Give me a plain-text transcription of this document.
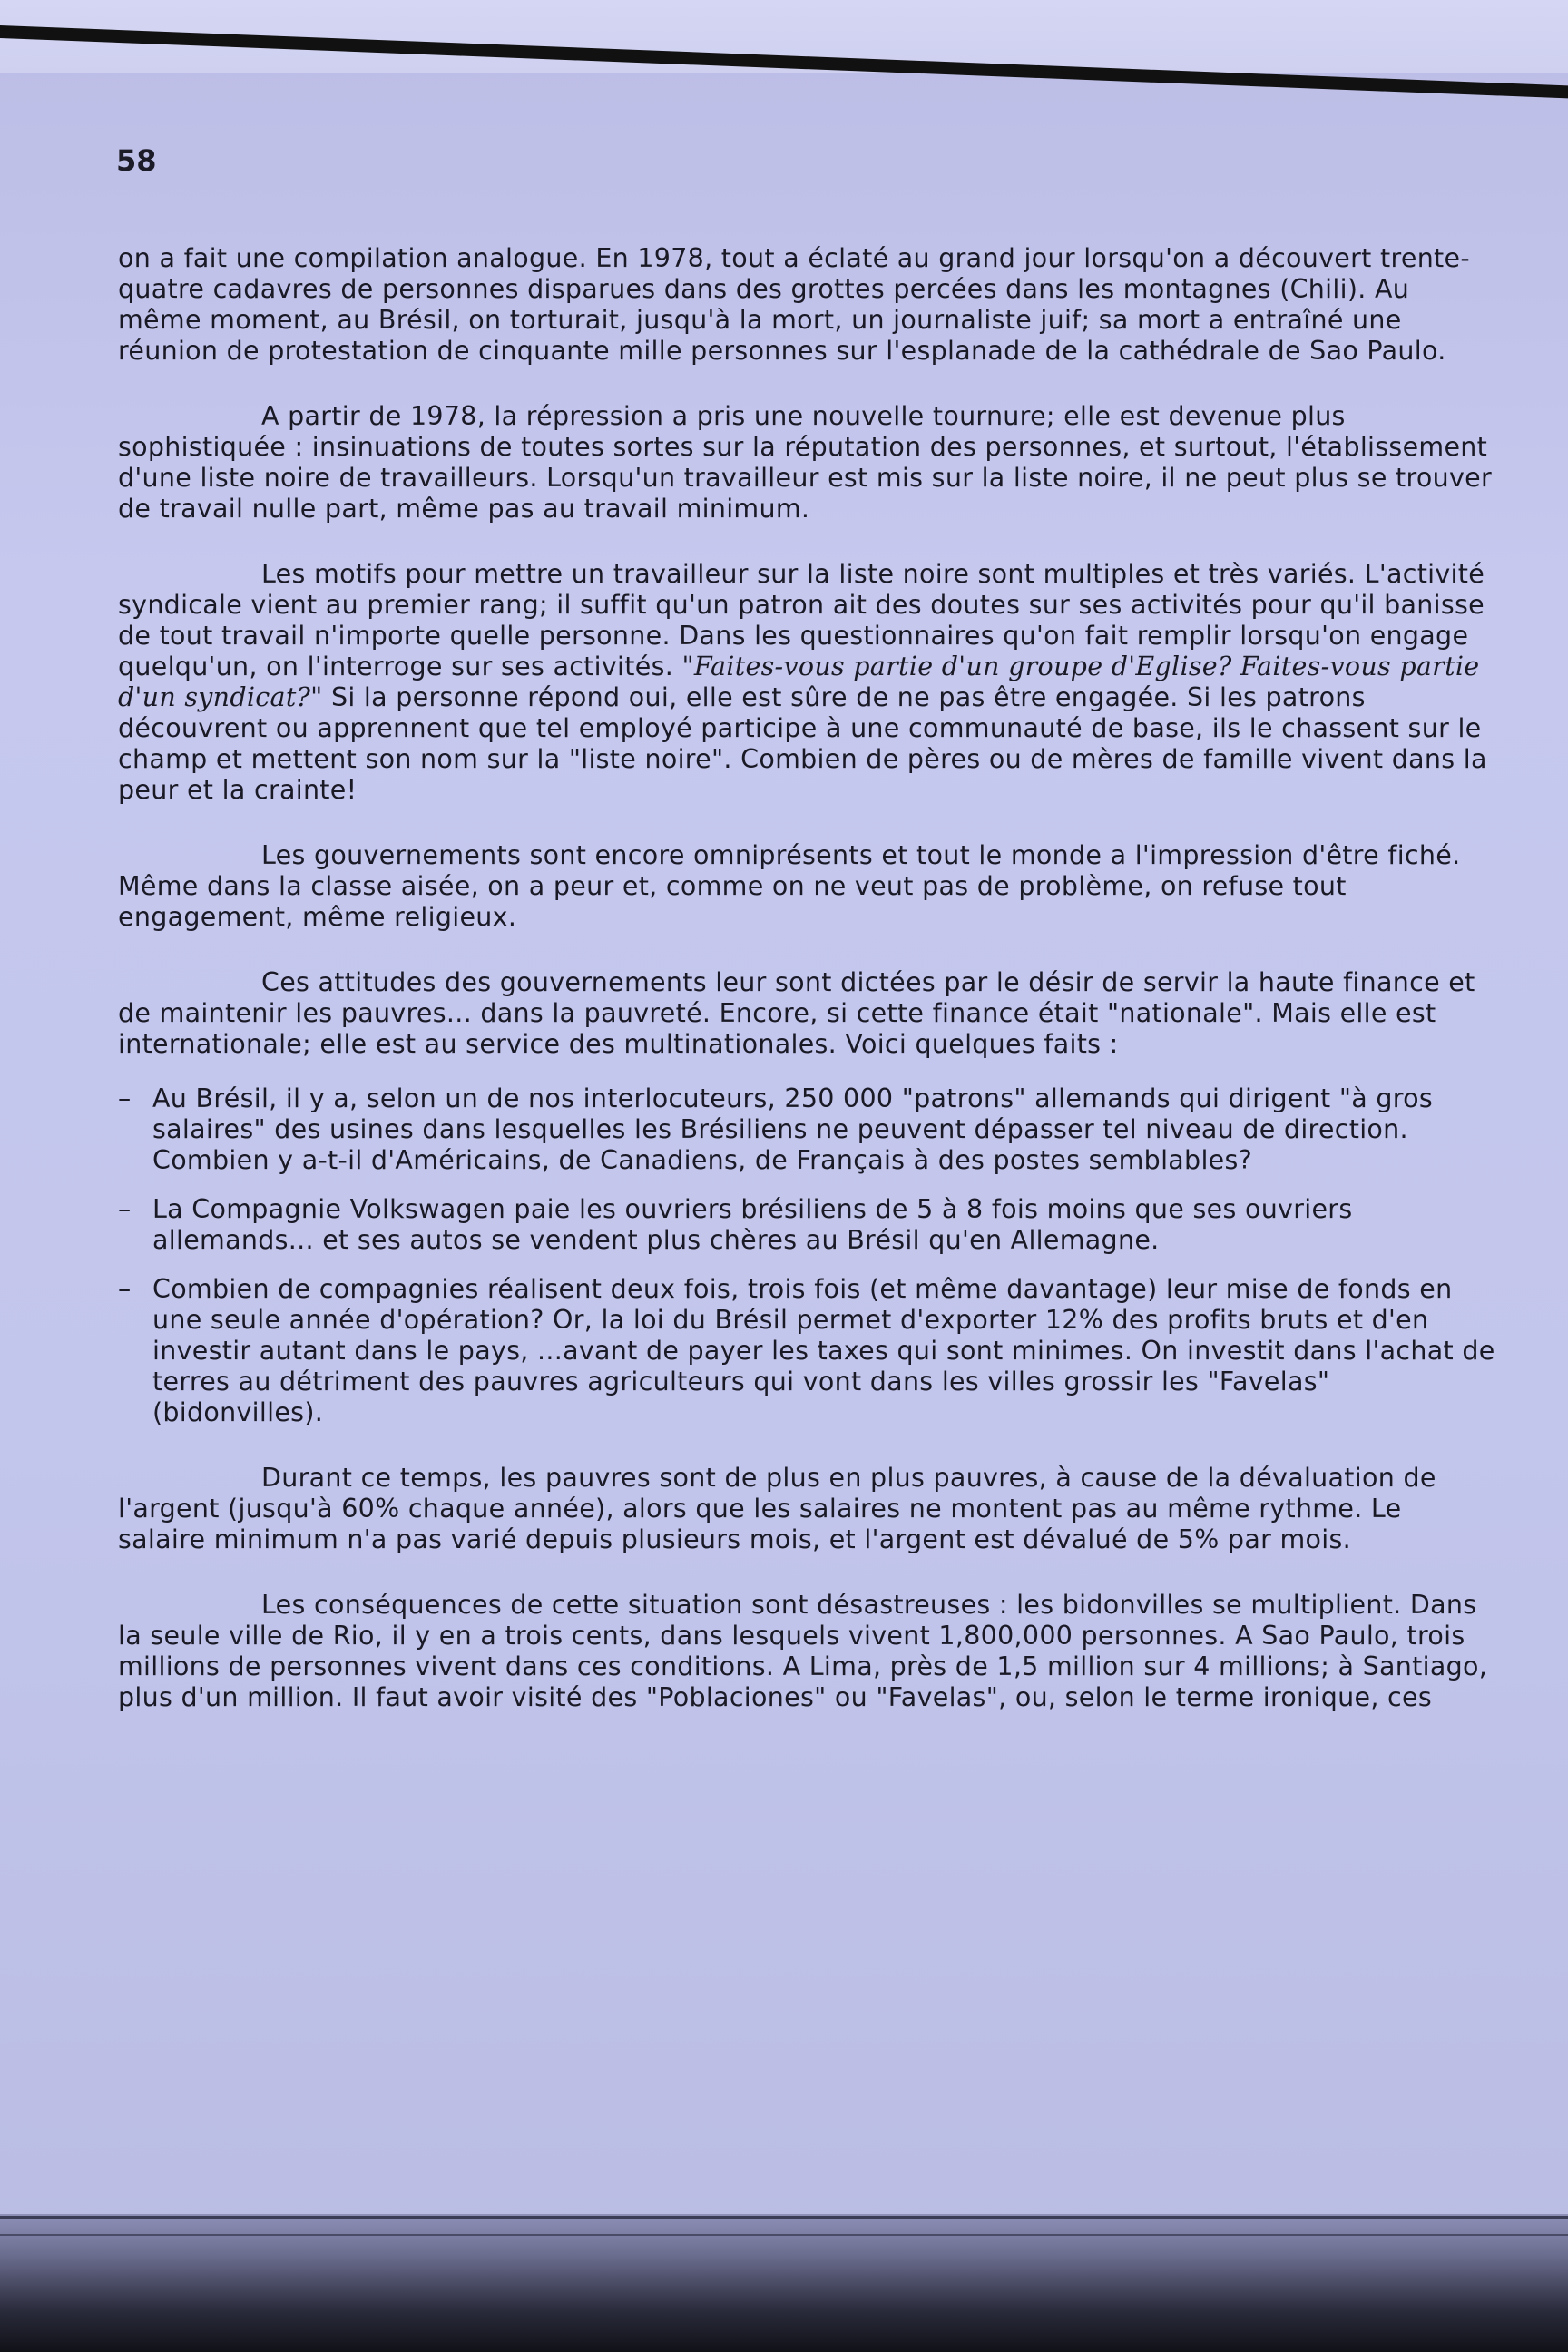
58

on a fait une compilation analogue. En 1978, tout a éclaté au grand jour lorsqu'on a découvert trente-quatre cadavres de personnes disparues dans des grottes percées dans les montagnes (Chili). Au même moment, au Brésil, on torturait, jusqu'à la mort, un journaliste juif; sa mort a entraîné une réunion de protestation de cinquante mille personnes sur l'esplanade de la cathédrale de Sao Paulo.

A partir de 1978, la répression a pris une nouvelle tournure; elle est devenue plus sophistiquée : insinuations de toutes sortes sur la réputation des personnes, et surtout, l'établissement d'une liste noire de travailleurs. Lorsqu'un travailleur est mis sur la liste noire, il ne peut plus se trouver de travail nulle part, même pas au travail minimum.

Les motifs pour mettre un travailleur sur la liste noire sont multiples et très variés. L'activité syndicale vient au premier rang; il suffit qu'un patron ait des doutes sur ses activités pour qu'il banisse de tout travail n'importe quelle personne. Dans les questionnaires qu'on fait remplir lorsqu'on engage quelqu'un, on l'interroge sur ses activités. "Faites-vous partie d'un groupe d'Eglise? Faites-vous partie d'un syndicat?" Si la personne répond oui, elle est sûre de ne pas être engagée. Si les patrons découvrent ou apprennent que tel employé participe à une communauté de base, ils le chassent sur le champ et mettent son nom sur la "liste noire". Combien de pères ou de mères de famille vivent dans la peur et la crainte!

Les gouvernements sont encore omniprésents et tout le monde a l'impression d'être fiché. Même dans la classe aisée, on a peur et, comme on ne veut pas de problème, on refuse tout engagement, même religieux.

Ces attitudes des gouvernements leur sont dictées par le désir de servir la haute finance et de maintenir les pauvres... dans la pauvreté. Encore, si cette finance était "nationale". Mais elle est internationale; elle est au service des multinationales. Voici quelques faits :

– Au Brésil, il y a, selon un de nos interlocuteurs, 250 000 "patrons" allemands qui dirigent "à gros salaires" des usines dans lesquelles les Brésiliens ne peuvent dépasser tel niveau de direction. Combien y a-t-il d'Américains, de Canadiens, de Français à des postes semblables?

– La Compagnie Volkswagen paie les ouvriers brésiliens de 5 à 8 fois moins que ses ouvriers allemands... et ses autos se vendent plus chères au Brésil qu'en Allemagne.

– Combien de compagnies réalisent deux fois, trois fois (et même davantage) leur mise de fonds en une seule année d'opération? Or, la loi du Brésil permet d'exporter 12% des profits bruts et d'en investir autant dans le pays, ...avant de payer les taxes qui sont minimes. On investit dans l'achat de terres au détriment des pauvres agriculteurs qui vont dans les villes grossir les "Favelas" (bidonvilles).

Durant ce temps, les pauvres sont de plus en plus pauvres, à cause de la dévaluation de l'argent (jusqu'à 60% chaque année), alors que les salaires ne montent pas au même rythme. Le salaire minimum n'a pas varié depuis plusieurs mois, et l'argent est dévalué de 5% par mois.

Les conséquences de cette situation sont désastreuses : les bidonvilles se multiplient. Dans la seule ville de Rio, il y en a trois cents, dans lesquels vivent 1,800,000 personnes. A Sao Paulo, trois millions de personnes vivent dans ces conditions. A Lima, près de 1,5 million sur 4 millions; à Santiago, plus d'un million. Il faut avoir visité des "Poblaciones" ou "Favelas", ou, selon le terme ironique, ces
